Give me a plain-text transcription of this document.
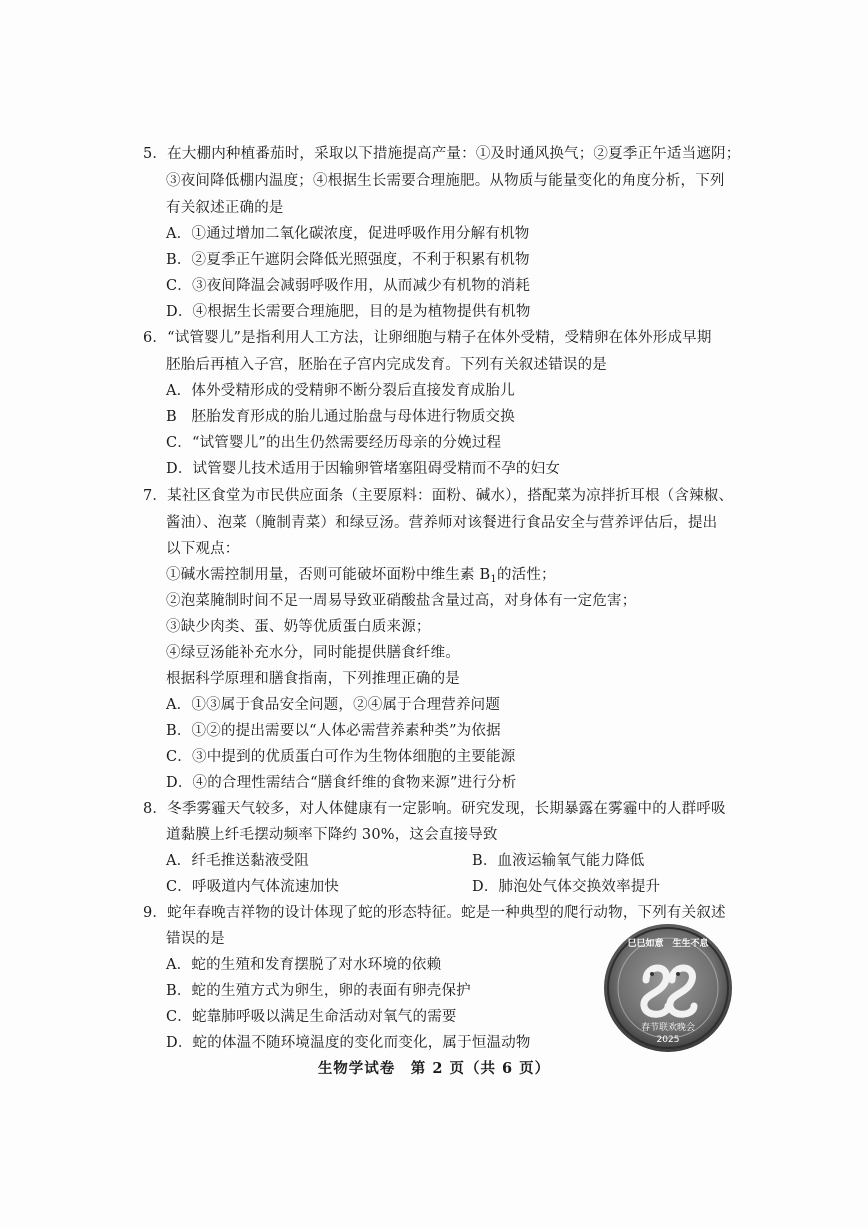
5．在大棚内种植番茄时，采取以下措施提高产量：①及时通风换气；②夏季正午适当遮阴；
③夜间降低棚内温度；④根据生长需要合理施肥。从物质与能量变化的角度分析，下列
有关叙述正确的是
A．①通过增加二氧化碳浓度，促进呼吸作用分解有机物
B．②夏季正午遮阴会降低光照强度，不利于积累有机物
C．③夜间降温会减弱呼吸作用，从而减少有机物的消耗
D．④根据生长需要合理施肥，目的是为植物提供有机物
6．“试管婴儿”是指利用人工方法，让卵细胞与精子在体外受精，受精卵在体外形成早期
胚胎后再植入子宫，胚胎在子宫内完成发育。下列有关叙述错误的是
A．体外受精形成的受精卵不断分裂后直接发育成胎儿
B　胚胎发育形成的胎儿通过胎盘与母体进行物质交换
C．“试管婴儿”的出生仍然需要经历母亲的分娩过程
D．试管婴儿技术适用于因输卵管堵塞阻碍受精而不孕的妇女
7．某社区食堂为市民供应面条（主要原料：面粉、碱水），搭配菜为凉拌折耳根（含辣椒、
酱油）、泡菜（腌制青菜）和绿豆汤。营养师对该餐进行食品安全与营养评估后，提出
以下观点：
①碱水需控制用量，否则可能破坏面粉中维生素 $B_1$的活性；
②泡菜腌制时间不足一周易导致亚硝酸盐含量过高，对身体有一定危害；
③缺少肉类、蛋、奶等优质蛋白质来源；
④绿豆汤能补充水分，同时能提供膳食纤维。
根据科学原理和膳食指南，下列推理正确的是
A．①③属于食品安全问题，②④属于合理营养问题
B．①②的提出需要以“人体必需营养素种类”为依据
C．③中提到的优质蛋白可作为生物体细胞的主要能源
D．④的合理性需结合“膳食纤维的食物来源”进行分析
8．冬季雾霾天气较多，对人体健康有一定影响。研究发现，长期暴露在雾霾中的人群呼吸
道黏膜上纤毛摆动频率下降约 30%，这会直接导致
A．纤毛推送黏液受阻	B．血液运输氧气能力降低
C．呼吸道内气体流速加快	D．肺泡处气体交换效率提升
9．蛇年春晚吉祥物的设计体现了蛇的形态特征。蛇是一种典型的爬行动物，下列有关叙述
错误的是
A．蛇的生殖和发育摆脱了对水环境的依赖
B．蛇的生殖方式为卵生，卵的表面有卵壳保护
C．蛇靠肺呼吸以满足生命活动对氧气的需要
D．蛇的体温不随环境温度的变化而变化，属于恒温动物
巳巳如意　生生不息
春节联欢晚会
2025
生物学试卷　第 2 页（共 6 页）
